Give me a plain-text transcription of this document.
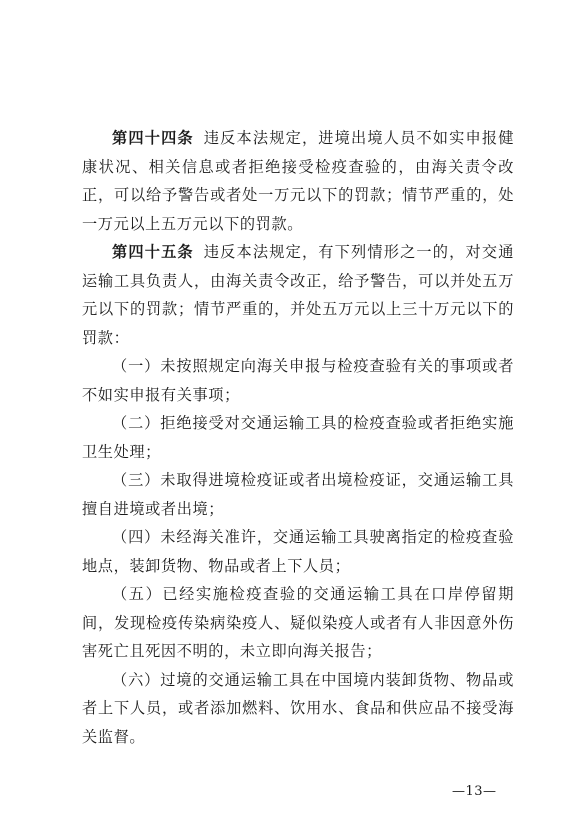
第四十四条 违反本法规定，进境出境人员不如实申报健康状况、相关信息或者拒绝接受检疫查验的，由海关责令改正，可以给予警告或者处一万元以下的罚款；情节严重的，处一万元以上五万元以下的罚款。

第四十五条 违反本法规定，有下列情形之一的，对交通运输工具负责人，由海关责令改正，给予警告，可以并处五万元以下的罚款；情节严重的，并处五万元以上三十万元以下的罚款：

（一）未按照规定向海关申报与检疫查验有关的事项或者不如实申报有关事项；

（二）拒绝接受对交通运输工具的检疫查验或者拒绝实施卫生处理；

（三）未取得进境检疫证或者出境检疫证，交通运输工具擅自进境或者出境；

（四）未经海关准许，交通运输工具驶离指定的检疫查验地点，装卸货物、物品或者上下人员；

（五）已经实施检疫查验的交通运输工具在口岸停留期间，发现检疫传染病染疫人、疑似染疫人或者有人非因意外伤害死亡且死因不明的，未立即向海关报告；

（六）过境的交通运输工具在中国境内装卸货物、物品或者上下人员，或者添加燃料、饮用水、食品和供应品不接受海关监督。

—13—
